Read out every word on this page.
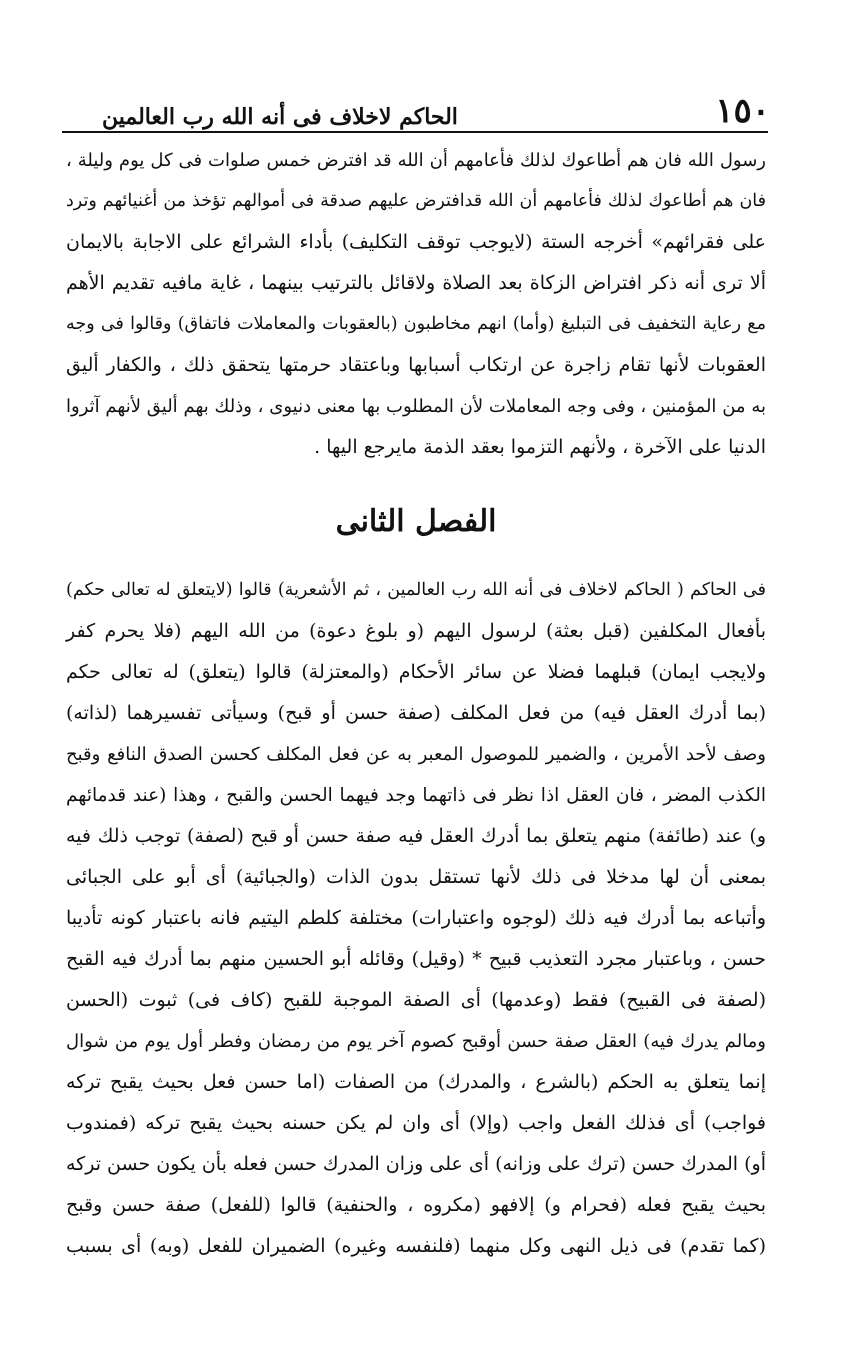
١٥٠
الحاكم لاخلاف فى أنه الله رب العالمين
رسول الله فان هم أطاعوك لذلك فأعامهم أن الله قد افترض خمس صلوات فى كل يوم وليلة ،
فان هم أطاعوك لذلك فأعامهم أن الله قدافترض عليهم صدقة فى أموالهم تؤخذ من أغنيائهم وترد
على فقرائهم» أخرجه الستة (لايوجب توقف التكليف) بأداء الشرائع على الاجابة بالايمان
ألا ترى أنه ذكر افتراض الزكاة بعد الصلاة ولاقائل بالترتيب بينهما ، غاية مافيه تقديم الأهم
مع رعاية التخفيف فى التبليغ (وأما) انهم مخاطبون (بالعقوبات والمعاملات فاتفاق) وقالوا فى وجه
العقوبات لأنها تقام زاجرة عن ارتكاب أسبابها وباعتقاد حرمتها يتحقق ذلك ، والكفار أليق
به من المؤمنين ، وفى وجه المعاملات لأن المطلوب بها معنى دنيوى ، وذلك بهم أليق لأنهم آثروا
الدنيا على الآخرة ، ولأنهم التزموا بعقد الذمة مايرجع اليها .
الفصل الثانى
فى الحاكم ( الحاكم لاخلاف فى أنه الله رب العالمين ، ثم الأشعرية) قالوا (لايتعلق له تعالى حكم)
بأفعال المكلفين (قبل بعثة) لرسول اليهم (و بلوغ دعوة) من الله اليهم (فلا يحرم كفر
ولايجب ايمان) قبلهما فضلا عن سائر الأحكام (والمعتزلة) قالوا (يتعلق) له تعالى حكم
(بما أدرك العقل فيه) من فعل المكلف (صفة حسن أو قبح) وسيأتى تفسيرهما (لذاته)
وصف لأحد الأمرين ، والضمير للموصول المعبر به عن فعل المكلف كحسن الصدق النافع وقبح
الكذب المضر ، فان العقل اذا نظر فى ذاتهما وجد فيهما الحسن والقبح ، وهذا (عند قدمائهم
و) عند (طائفة) منهم يتعلق بما أدرك العقل فيه صفة حسن أو قبح (لصفة) توجب ذلك فيه
بمعنى أن لها مدخلا فى ذلك لأنها تستقل بدون الذات (والجبائية) أى أبو على الجبائى
وأتباعه بما أدرك فيه ذلك (لوجوه واعتبارات) مختلفة كلطم اليتيم فانه باعتبار كونه تأديبا
حسن ، وباعتبار مجرد التعذيب قبيح * (وقيل) وقائله أبو الحسين منهم بما أدرك فيه القبح
(لصفة فى القبيح) فقط (وعدمها) أى الصفة الموجبة للقبح (كاف فى) ثبوت (الحسن
ومالم يدرك فيه) العقل صفة حسن أوقبح كصوم آخر يوم من رمضان وفطر أول يوم من شوال
إنما يتعلق به الحكم (بالشرع ، والمدرك) من الصفات (اما حسن فعل بحيث يقبح تركه
فواجب) أى فذلك الفعل واجب (وإلا) أى وان لم يكن حسنه بحيث يقبح تركه (فمندوب
أو) المدرك حسن (ترك على وزانه) أى على وزان المدرك حسن فعله بأن يكون حسن تركه
بحيث يقبح فعله (فحرام و) إلافهو (مكروه ، والحنفية) قالوا (للفعل) صفة حسن وقبح
(كما تقدم) فى ذيل النهى وكل منهما (فلنفسه وغيره) الضميران للفعل (وبه) أى بسبب
